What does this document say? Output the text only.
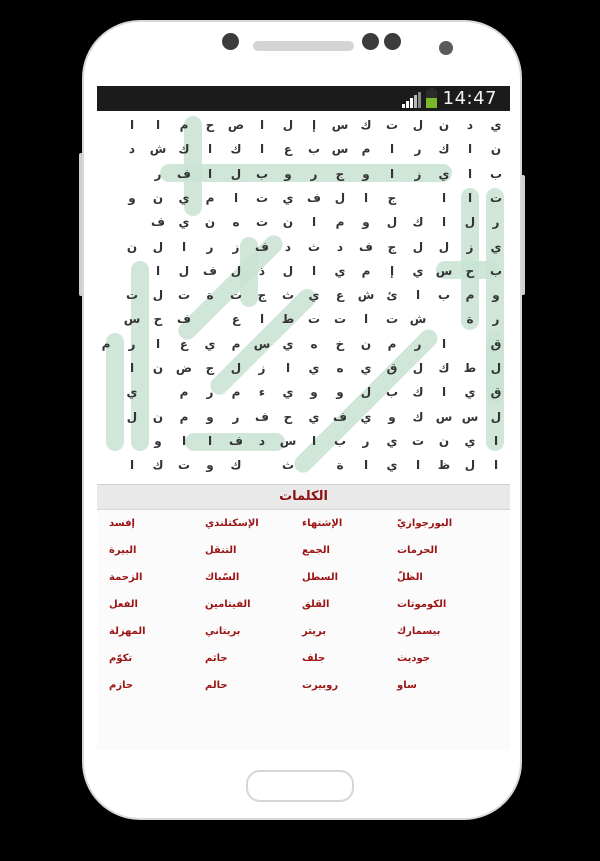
14:47
ي
د
ن
ل
ت
ك
س
إ
ل
ا
ص
ح
م
ا
ا
ن
ا
ك
ر
ا
م
س
ب
ع
ا
ك
ا
ك
ش
د
ب
ا
ي
ز
ا
و
ج
ر
و
ب
ل
ا
ف
ر
ت
ا
ا
ج
ا
ل
ف
ي
ت
ا
م
ي
ن
و
ر
ل
ا
ك
ل
و
م
ا
ن
ت
ه
ن
ي
ف
ي
ز
ل
ل
ج
ف
د
ث
د
ف
ز
ر
ا
ل
ن
ب
ح
س
ي
إ
م
ي
ا
ل
ذ
ل
ف
ل
ا
و
م
ب
ا
ئ
ش
ع
ي
ث
ج
ت
ة
ت
ل
ت
ر
ة
ش
ت
ا
ت
ت
ط
ا
ع
ف
ح
س
ق
ا
ر
م
ن
خ
ه
ي
س
م
ي
ع
ا
ر
م
ل
ط
ك
ل
ق
ي
ه
ي
ا
ز
ل
ج
ض
ن
ا
ق
ي
ا
ك
ب
ل
و
و
ي
ء
م
ر
م
ي
ل
س
س
ك
و
ي
ف
ي
ح
ف
ر
و
م
ن
ل
ا
ي
ن
ت
ي
ر
ب
ا
س
د
ف
ا
ا
و
ا
ل
ظ
ا
ي
ا
ة
ث
ك
و
ت
ك
ا
الكلمات
البورجوازيّ
الإشتهاء
الإسكتلندي
إفسد
الحرمات
الجمع
التنقل
البيرة
الظلّ
السطل
السّباك
الزحمة
الكوموتات
القلق
الفيتامين
الفعل
بيسمارك
بريتر
بريتاني
المهزلة
جوديث
جلف
جاثم
تكوّم
ساو
روبيرت
حالم
حازم
